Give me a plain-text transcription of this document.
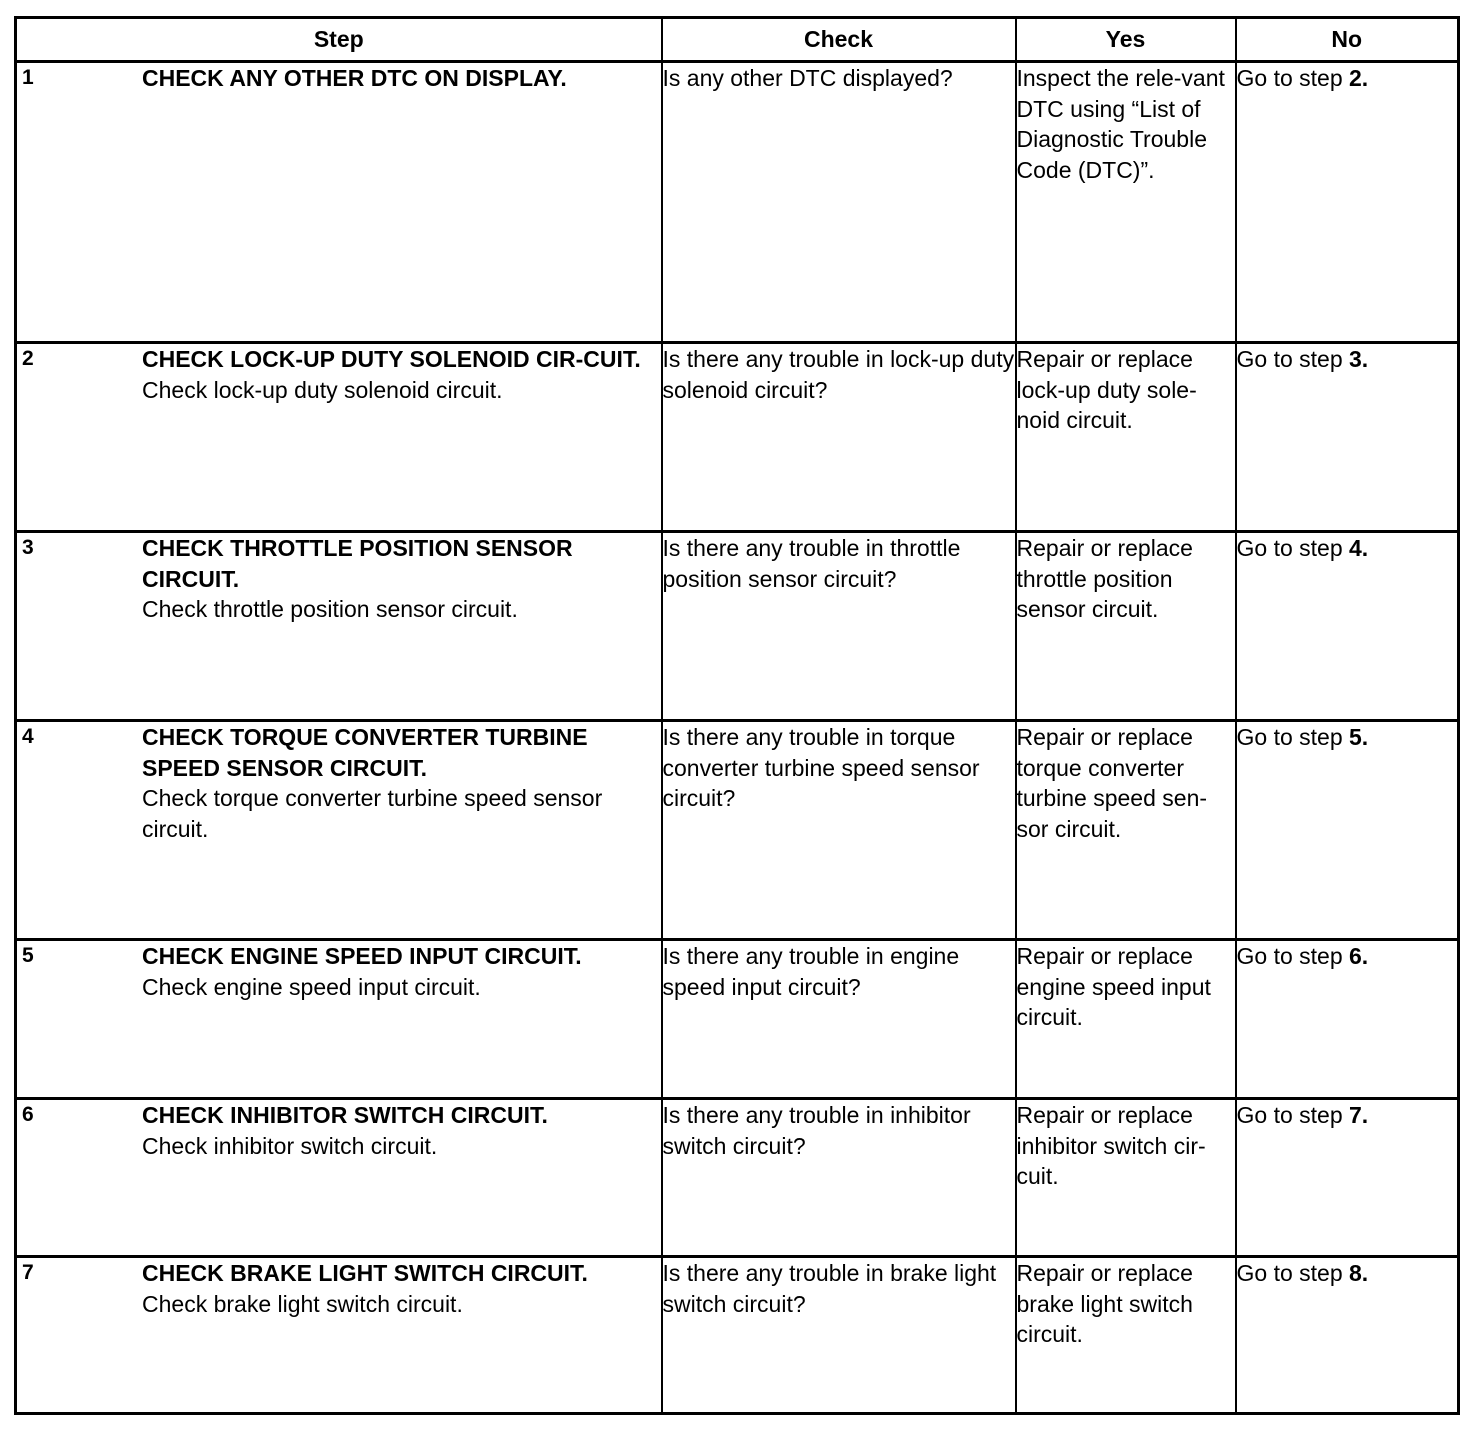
Step	Check	Yes	No

1 CHECK ANY OTHER DTC ON DISPLAY.	Is any other DTC displayed?	Inspect the rele-vant DTC using “List of Diagnostic Trouble Code (DTC)”.	Go to step 2.

2 CHECK LOCK-UP DUTY SOLENOID CIR-CUIT.
Check lock-up duty solenoid circuit.	Is there any trouble in lock-up duty solenoid circuit?	Repair or replace lock-up duty sole-noid circuit.	Go to step 3.

3 CHECK THROTTLE POSITION SENSOR CIRCUIT.
Check throttle position sensor circuit.	Is there any trouble in throttle position sensor circuit?	Repair or replace throttle position sensor circuit.	Go to step 4.

4 CHECK TORQUE CONVERTER TURBINE SPEED SENSOR CIRCUIT.
Check torque converter turbine speed sensor circuit.	Is there any trouble in torque converter turbine speed sensor circuit?	Repair or replace torque converter turbine speed sen-sor circuit.	Go to step 5.

5 CHECK ENGINE SPEED INPUT CIRCUIT.
Check engine speed input circuit.	Is there any trouble in engine speed input circuit?	Repair or replace engine speed input circuit.	Go to step 6.

6 CHECK INHIBITOR SWITCH CIRCUIT.
Check inhibitor switch circuit.	Is there any trouble in inhibitor switch circuit?	Repair or replace inhibitor switch cir-cuit.	Go to step 7.

7 CHECK BRAKE LIGHT SWITCH CIRCUIT.
Check brake light switch circuit.	Is there any trouble in brake light switch circuit?	Repair or replace brake light switch circuit.	Go to step 8.
